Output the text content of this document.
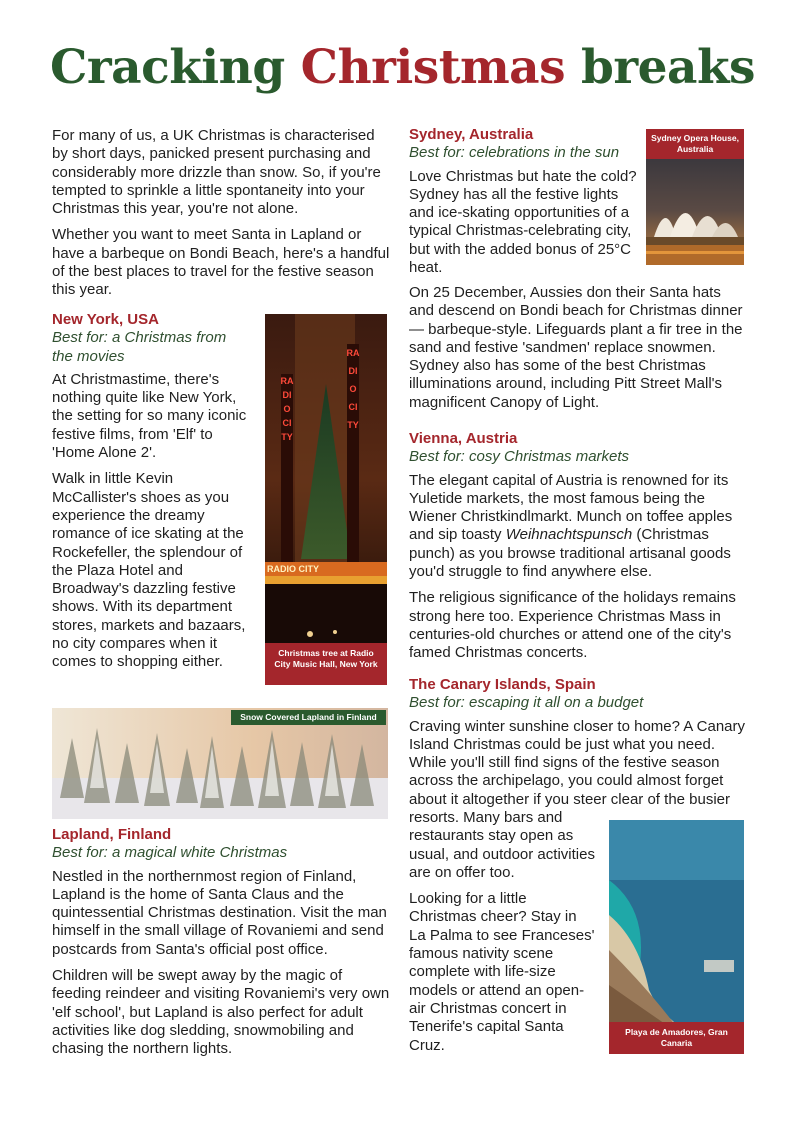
Cracking Christmas breaks

For many of us, a UK Christmas is characterised by short days, panicked present purchasing and considerably more drizzle than snow. So, if you're tempted to sprinkle a little spontaneity into your Christmas this year, you're not alone.

Whether you want to meet Santa in Lapland or have a barbeque on Bondi Beach, here's a handful of the best places to travel for the festive season this year.

New York, USA
Best for: a Christmas from the movies

At Christmastime, there's nothing quite like New York, the setting for so many iconic festive films, from 'Elf' to 'Home Alone 2'.

Walk in little Kevin McCallister's shoes as you experience the dreamy romance of ice skating at the Rockefeller, the splendour of the Plaza Hotel and Broadway's dazzling festive shows. With its department stores, markets and bazaars, no city compares when it comes to shopping either.

RADIO CITY
RADIO CITY
RADIO CITY
Christmas tree at Radio City Music Hall, New York
Snow Covered Lapland in Finland
Lapland, Finland
Best for: a magical white Christmas

Nestled in the northernmost region of Finland, Lapland is the home of Santa Claus and the quintessential Christmas destination. Visit the man himself in the small village of Rovaniemi and send postcards from Santa's official post office.

Children will be swept away by the magic of feeding reindeer and visiting Rovaniemi's very own 'elf school', but Lapland is also perfect for adult activities like dog sledding, snowmobiling and chasing the northern lights.

Sydney Opera House, Australia
Sydney, Australia
Best for: celebrations in the sun

Love Christmas but hate the cold? Sydney has all the festive lights and ice-skating opportunities of a typical Christmas-celebrating city, but with the added bonus of 25°C heat.

On 25 December, Aussies don their Santa hats and descend on Bondi beach for Christmas dinner — barbeque-style. Lifeguards plant a fir tree in the sand and festive 'sandmen' replace snowmen. Sydney also has some of the best Christmas illuminations around, including Pitt Street Mall's magnificent Canopy of Light.

Vienna, Austria
Best for: cosy Christmas markets

The elegant capital of Austria is renowned for its Yuletide markets, the most famous being the Wiener Christkindlmarkt. Munch on toffee apples and sip toasty Weihnachtspunsch (Christmas punch) as you browse traditional artisanal goods you'd struggle to find anywhere else.

The religious significance of the holidays remains strong here too. Experience Christmas Mass in centuries-old churches or attend one of the city's famed Christmas concerts.

The Canary Islands, Spain
Best for: escaping it all on a budget

Craving winter sunshine closer to home? A Canary Island Christmas could be just what you need. While you'll still find signs of the festive season across the archipelago, you could almost forget about it altogether if you steer clear of the busier

resorts. Many bars and restaurants stay open as usual, and outdoor activities are on offer too.

Looking for a little Christmas cheer? Stay in La Palma to see Franceses' famous nativity scene complete with life-size models or attend an open-air Christmas concert in Tenerife's capital Santa Cruz.

Playa de Amadores, Gran Canaria
